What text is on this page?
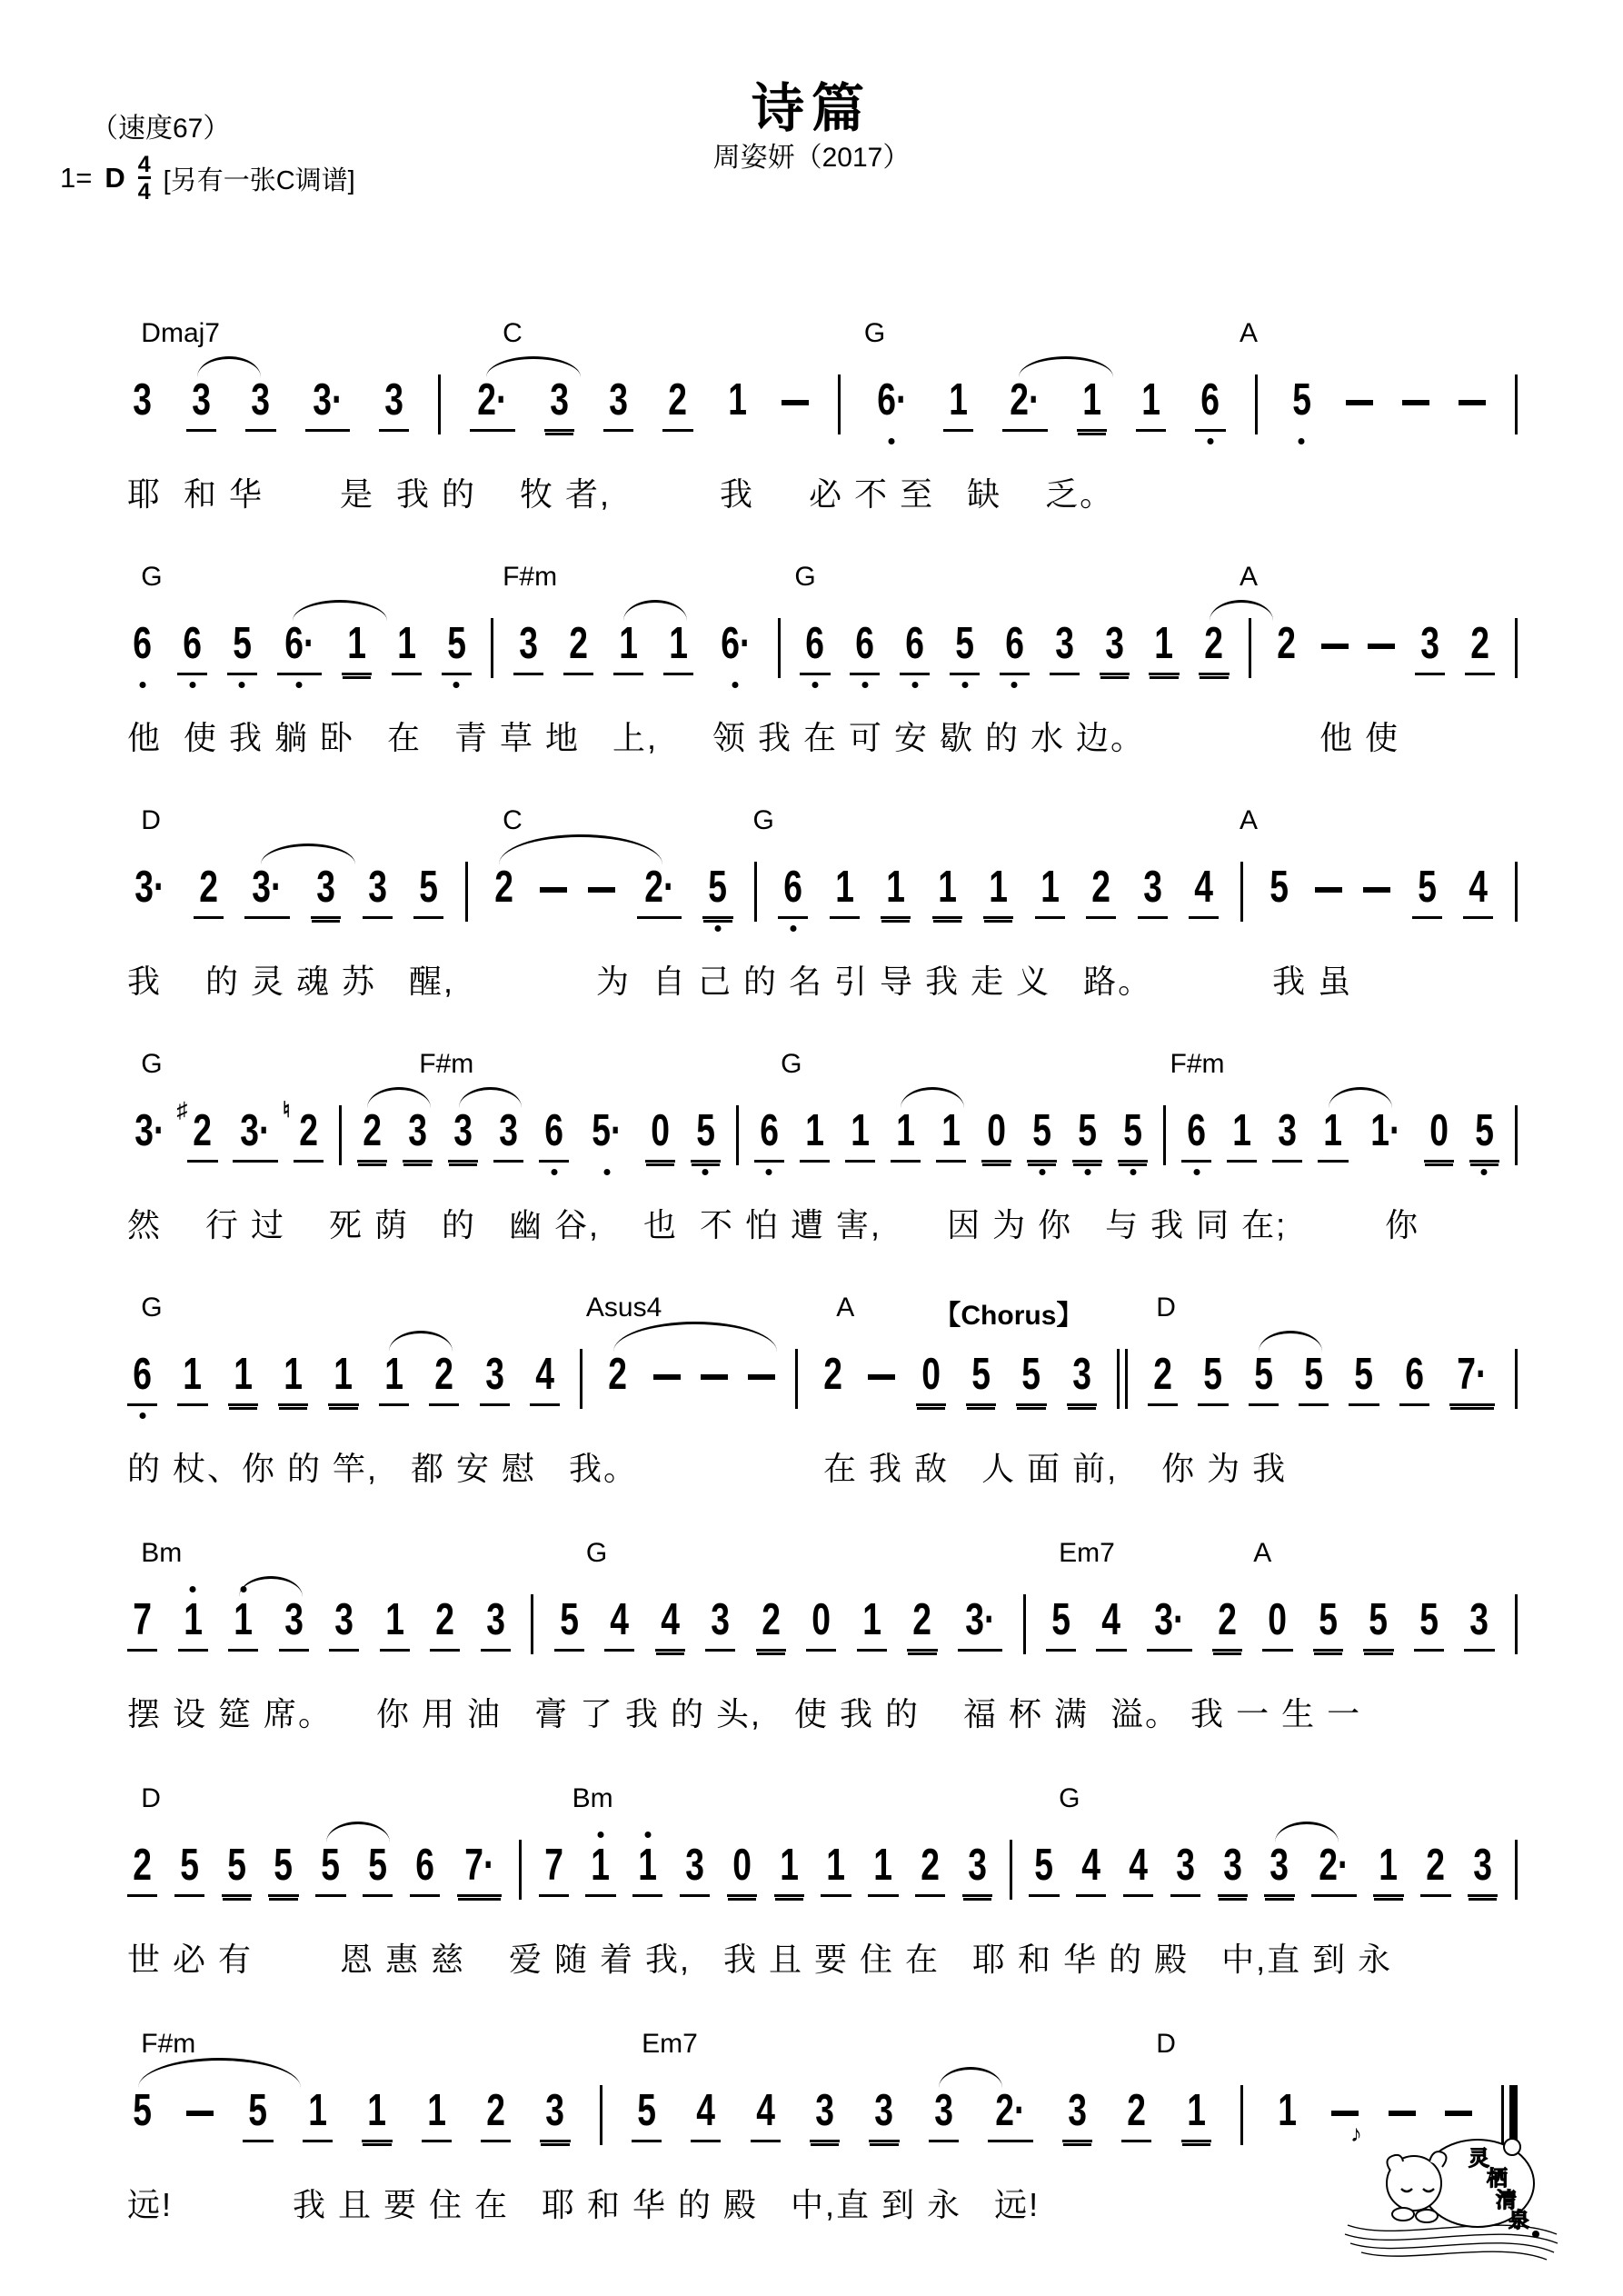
（速度67）	诗篇
周姿妍（2017）
1= D $\frac{4}{4}$ [另有一张C调谱]
Dmaj7	C	G	A
3 3 3 3· 3 2· 3 3 2 1	6· 1 2· 1 1 6 5
耶  和 华       是  我 的    牧 者,          我     必 不 至   缺    乏。
G	F#m	G	A
6 6 5 6· 1 1 5 3 2 1 1 6· 6 6 6 5 6 3 3 1 2 2	3 2
他  使 我 躺 卧   在   青 草 地   上,     领 我 在 可 安 歇 的 水 边。                他 使
D	C	G	A
3· 2 3· 3 3 5 2	2· 5 6 1 1 1 1 1 2 3 4 5	5 4
我    的 灵 魂 苏   醒,             为  自 己 的 名 引 导 我 走 义   路。           我 虽
G	F#m	G	F#m
3· 2
♯ 3· 2
♮ 2 3 3 3 6 5· 0 5 6 1 1 1 1 0 5 5 5 6 1 3 1 1· 0 5
然    行 过    死 荫   的   幽 谷,    也  不 怕 遭 害,      因 为 你   与 我 同 在;         你
G	Asus4	A	【Chorus】	D
6 1 1 1 1 1 2 3 4 2	2 0 5 5 3 2 5 5 5 5 6 7·
的 杖、你 的 竿,   都 安 慰   我。                 在 我 敌   人 面 前,    你 为 我
Bm	G	Em7	A
7 1 1 3 3 1 2 3 5 4 4 3 2 0 1 2 3· 5 4 3· 2 0 5 5 5 3
摆 设 筵 席。    你 用 油   膏 了 我 的 头,   使 我 的    福 杯 满  溢。 我 一 生 一
D	Bm	G
2 5 5 5 5 5 6 7· 7 1 1 3 0 1 1 1 2 3 5 4 4 3 3 3 2· 1 2 3
世 必 有        恩 惠 慈    爱 随 着 我,   我 且 要 住 在   耶 和 华 的 殿   中,直 到 永
F#m	Em7	D
5 5 1 1 1 2 3 5 4 4 3 3 3 2· 3 2 1 1
远!           我 且 要 住 在   耶 和 华 的 殿   中,直 到 永   远!
♪
灵
栖
清
泉
